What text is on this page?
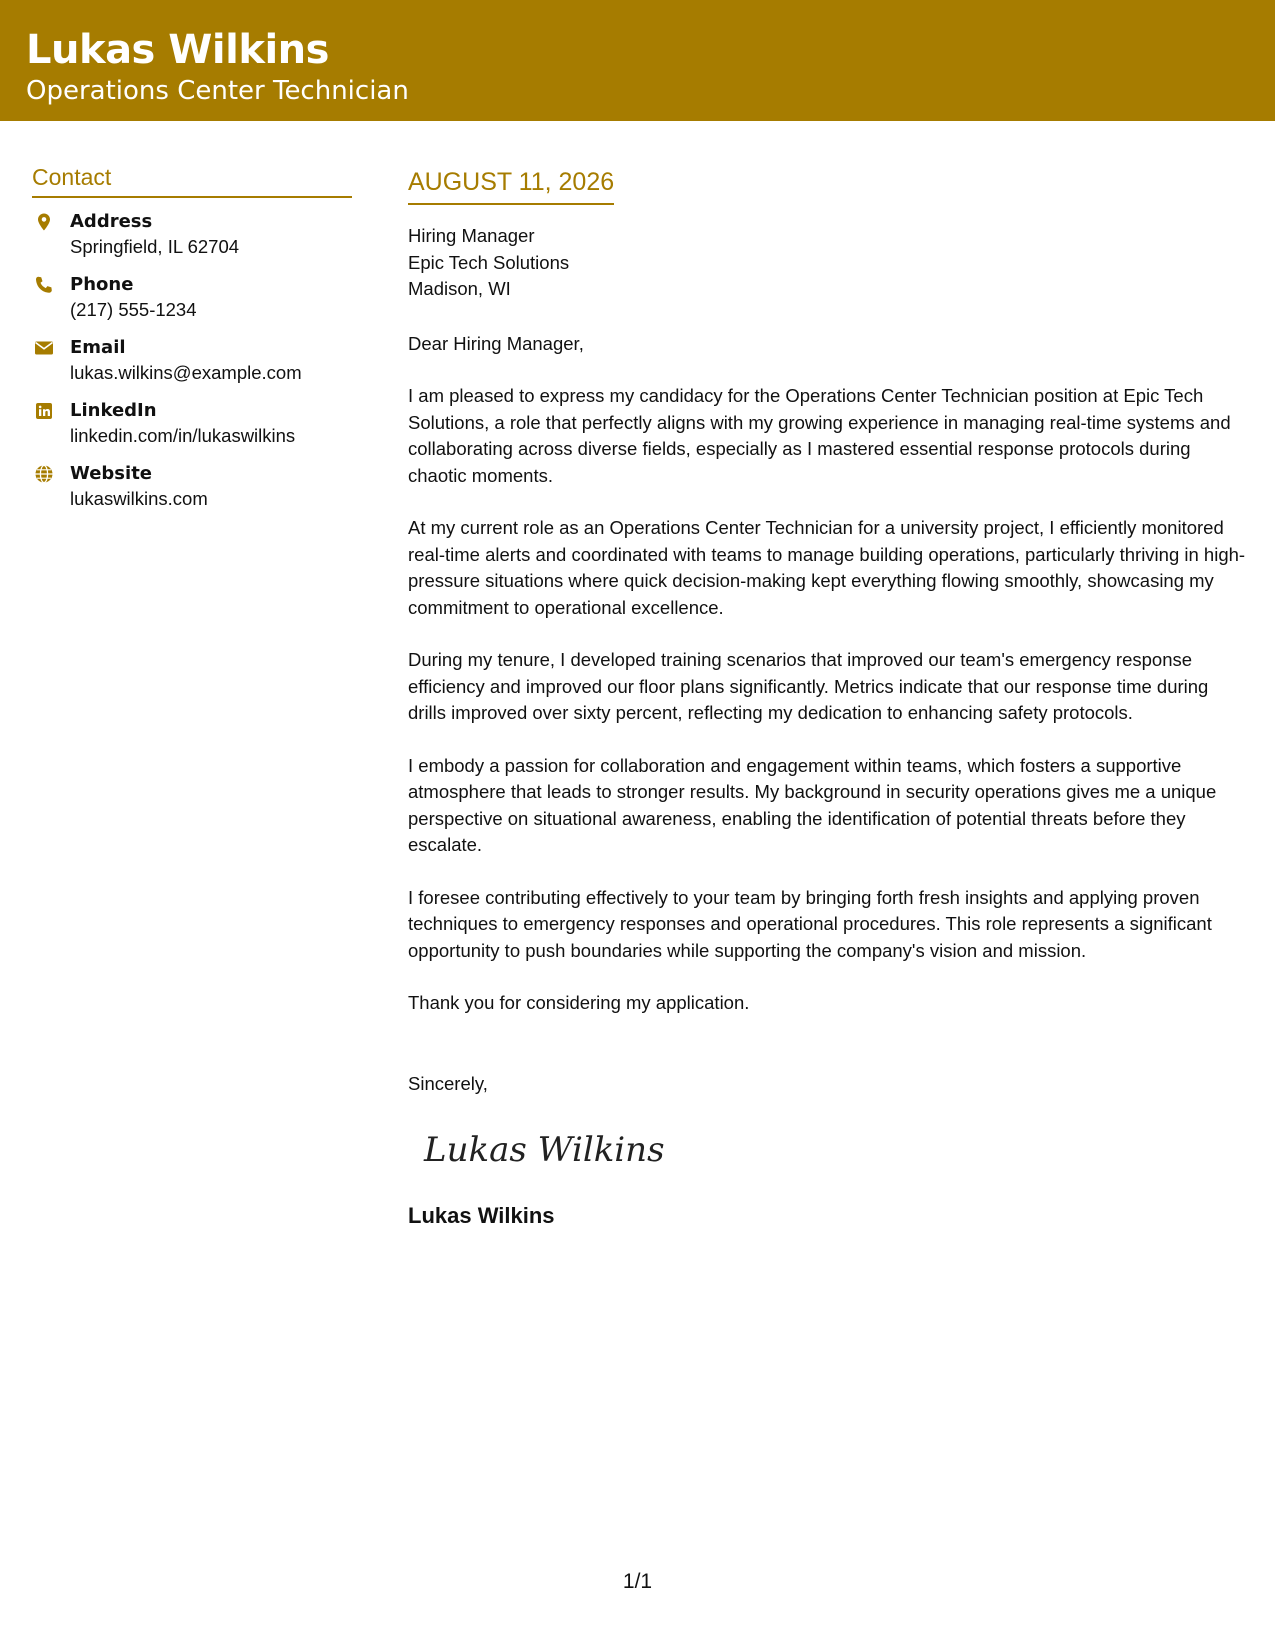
Lukas Wilkins
Operations Center Technician
Contact
Address
Springfield, IL 62704
Phone
(217) 555-1234
Email
lukas.wilkins@example.com
LinkedIn
linkedin.com/in/lukaswilkins
Website
lukaswilkins.com
AUGUST 11, 2026
Hiring Manager
Epic Tech Solutions
Madison, WI
Dear Hiring Manager,

I am pleased to express my candidacy for the Operations Center Technician position at Epic Tech Solutions, a role that perfectly aligns with my growing experience in managing real-time systems and collaborating across diverse fields, especially as I mastered essential response protocols during chaotic moments.

At my current role as an Operations Center Technician for a university project, I efficiently monitored real-time alerts and coordinated with teams to manage building operations, particularly thriving in high-pressure situations where quick decision-making kept everything flowing smoothly, showcasing my commitment to operational excellence.

During my tenure, I developed training scenarios that improved our team's emergency response efficiency and improved our floor plans significantly. Metrics indicate that our response time during drills improved over sixty percent, reflecting my dedication to enhancing safety protocols.

I embody a passion for collaboration and engagement within teams, which fosters a supportive atmosphere that leads to stronger results. My background in security operations gives me a unique perspective on situational awareness, enabling the identification of potential threats before they escalate.

I foresee contributing effectively to your team by bringing forth fresh insights and applying proven techniques to emergency responses and operational procedures. This role represents a significant opportunity to push boundaries while supporting the company's vision and mission.

Thank you for considering my application.

Sincerely,
Lukas Wilkins
Lukas Wilkins
1/1
